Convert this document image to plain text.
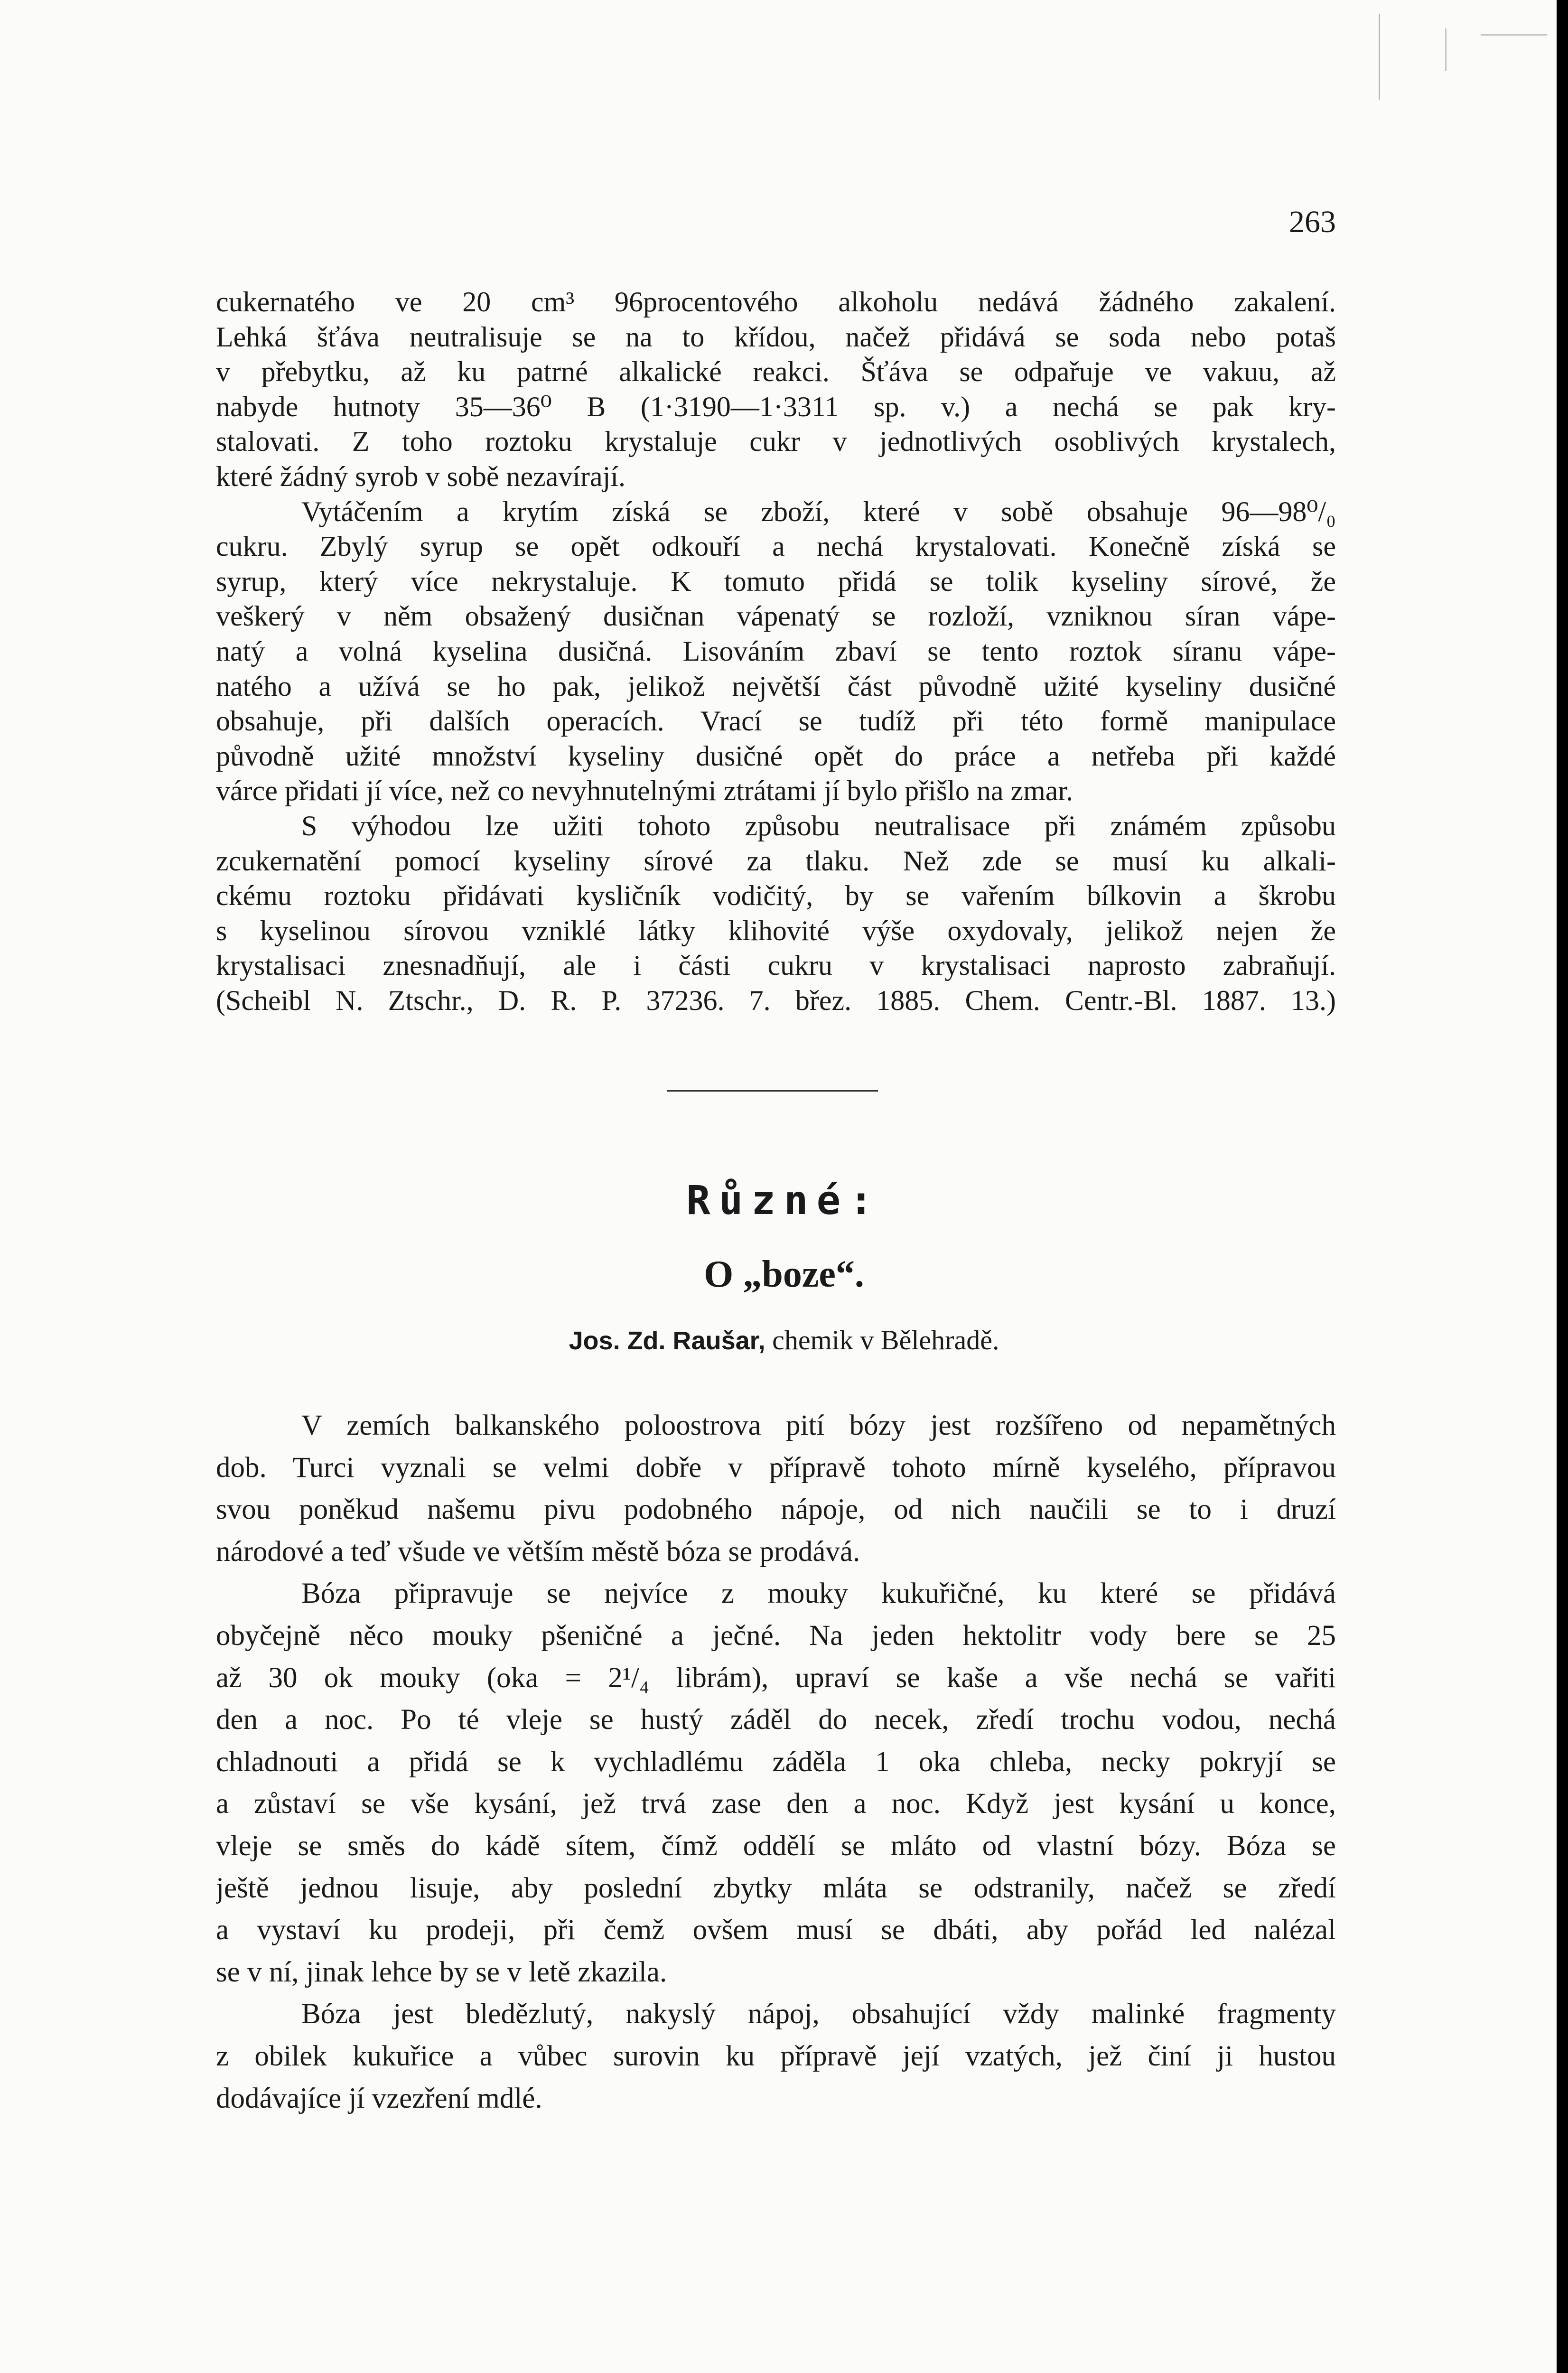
263
cukernatého ve 20 cm³ 96procentového alkoholu nedává žádného zakalení.
Lehká šťáva neutralisuje se na to křídou, načež přidává se soda nebo potaš
v přebytku, až ku patrné alkalické reakci. Šťáva se odpařuje ve vakuu, až
nabyde hutnoty 35—36⁰ B (1·3190—1·3311 sp. v.) a nechá se pak kry-
stalovati. Z toho roztoku krystaluje cukr v jednotlivých osoblivých krystalech,
které žádný syrob v sobě nezavírají.
Vytáčením a krytím získá se zboží, které v sobě obsahuje 96—98⁰/₀
cukru. Zbylý syrup se opět odkouří a nechá krystalovati. Konečně získá se
syrup, který více nekrystaluje. K tomuto přidá se tolik kyseliny sírové, že
veškerý v něm obsažený dusičnan vápenatý se rozloží, vzniknou síran vápe-
natý a volná kyselina dusičná. Lisováním zbaví se tento roztok síranu vápe-
natého a užívá se ho pak, jelikož největší část původně užité kyseliny dusičné
obsahuje, při dalších operacích. Vrací se tudíž při této formě manipulace
původně užité množství kyseliny dusičné opět do práce a netřeba při každé
várce přidati jí více, než co nevyhnutelnými ztrátami jí bylo přišlo na zmar.
S výhodou lze užiti tohoto způsobu neutralisace při známém způsobu
zcukernatění pomocí kyseliny sírové za tlaku. Než zde se musí ku alkali-
ckému roztoku přidávati kysličník vodičitý, by se vařením bílkovin a škrobu
s kyselinou sírovou vzniklé látky klihovité výše oxydovaly, jelikož nejen že
krystalisaci znesnadňují, ale i části cukru v krystalisaci naprosto zabraňují.
(Scheibl N. Ztschr., D. R. P. 37236. 7. břez. 1885. Chem. Centr.-Bl. 1887. 13.)
Různé:
O „boze“.
Jos. Zd. Raušar, chemik v Bělehradě.
V zemích balkanského poloostrova pití bózy jest rozšířeno od nepamětných
dob. Turci vyznali se velmi dobře v přípravě tohoto mírně kyselého, přípravou
svou poněkud našemu pivu podobného nápoje, od nich naučili se to i druzí
národové a teď všude ve větším městě bóza se prodává.
Bóza připravuje se nejvíce z mouky kukuřičné, ku které se přidává
obyčejně něco mouky pšeničné a ječné. Na jeden hektolitr vody bere se 25
až 30 ok mouky (oka = 2¹/₄ librám), upraví se kaše a vše nechá se vařiti
den a noc. Po té vleje se hustý záděl do necek, zředí trochu vodou, nechá
chladnouti a přidá se k vychladlému záděla 1 oka chleba, necky pokryjí se
a zůstaví se vše kysání, jež trvá zase den a noc. Když jest kysání u konce,
vleje se směs do kádě sítem, čímž oddělí se mláto od vlastní bózy. Bóza se
ještě jednou lisuje, aby poslední zbytky mláta se odstranily, načež se zředí
a vystaví ku prodeji, při čemž ovšem musí se dbáti, aby pořád led nalézal
se v ní, jinak lehce by se v letě zkazila.
Bóza jest bledězlutý, nakyslý nápoj, obsahující vždy malinké fragmenty
z obilek kukuřice a vůbec surovin ku přípravě její vzatých, jež činí ji hustou
dodávajíce jí vzezření mdlé.
